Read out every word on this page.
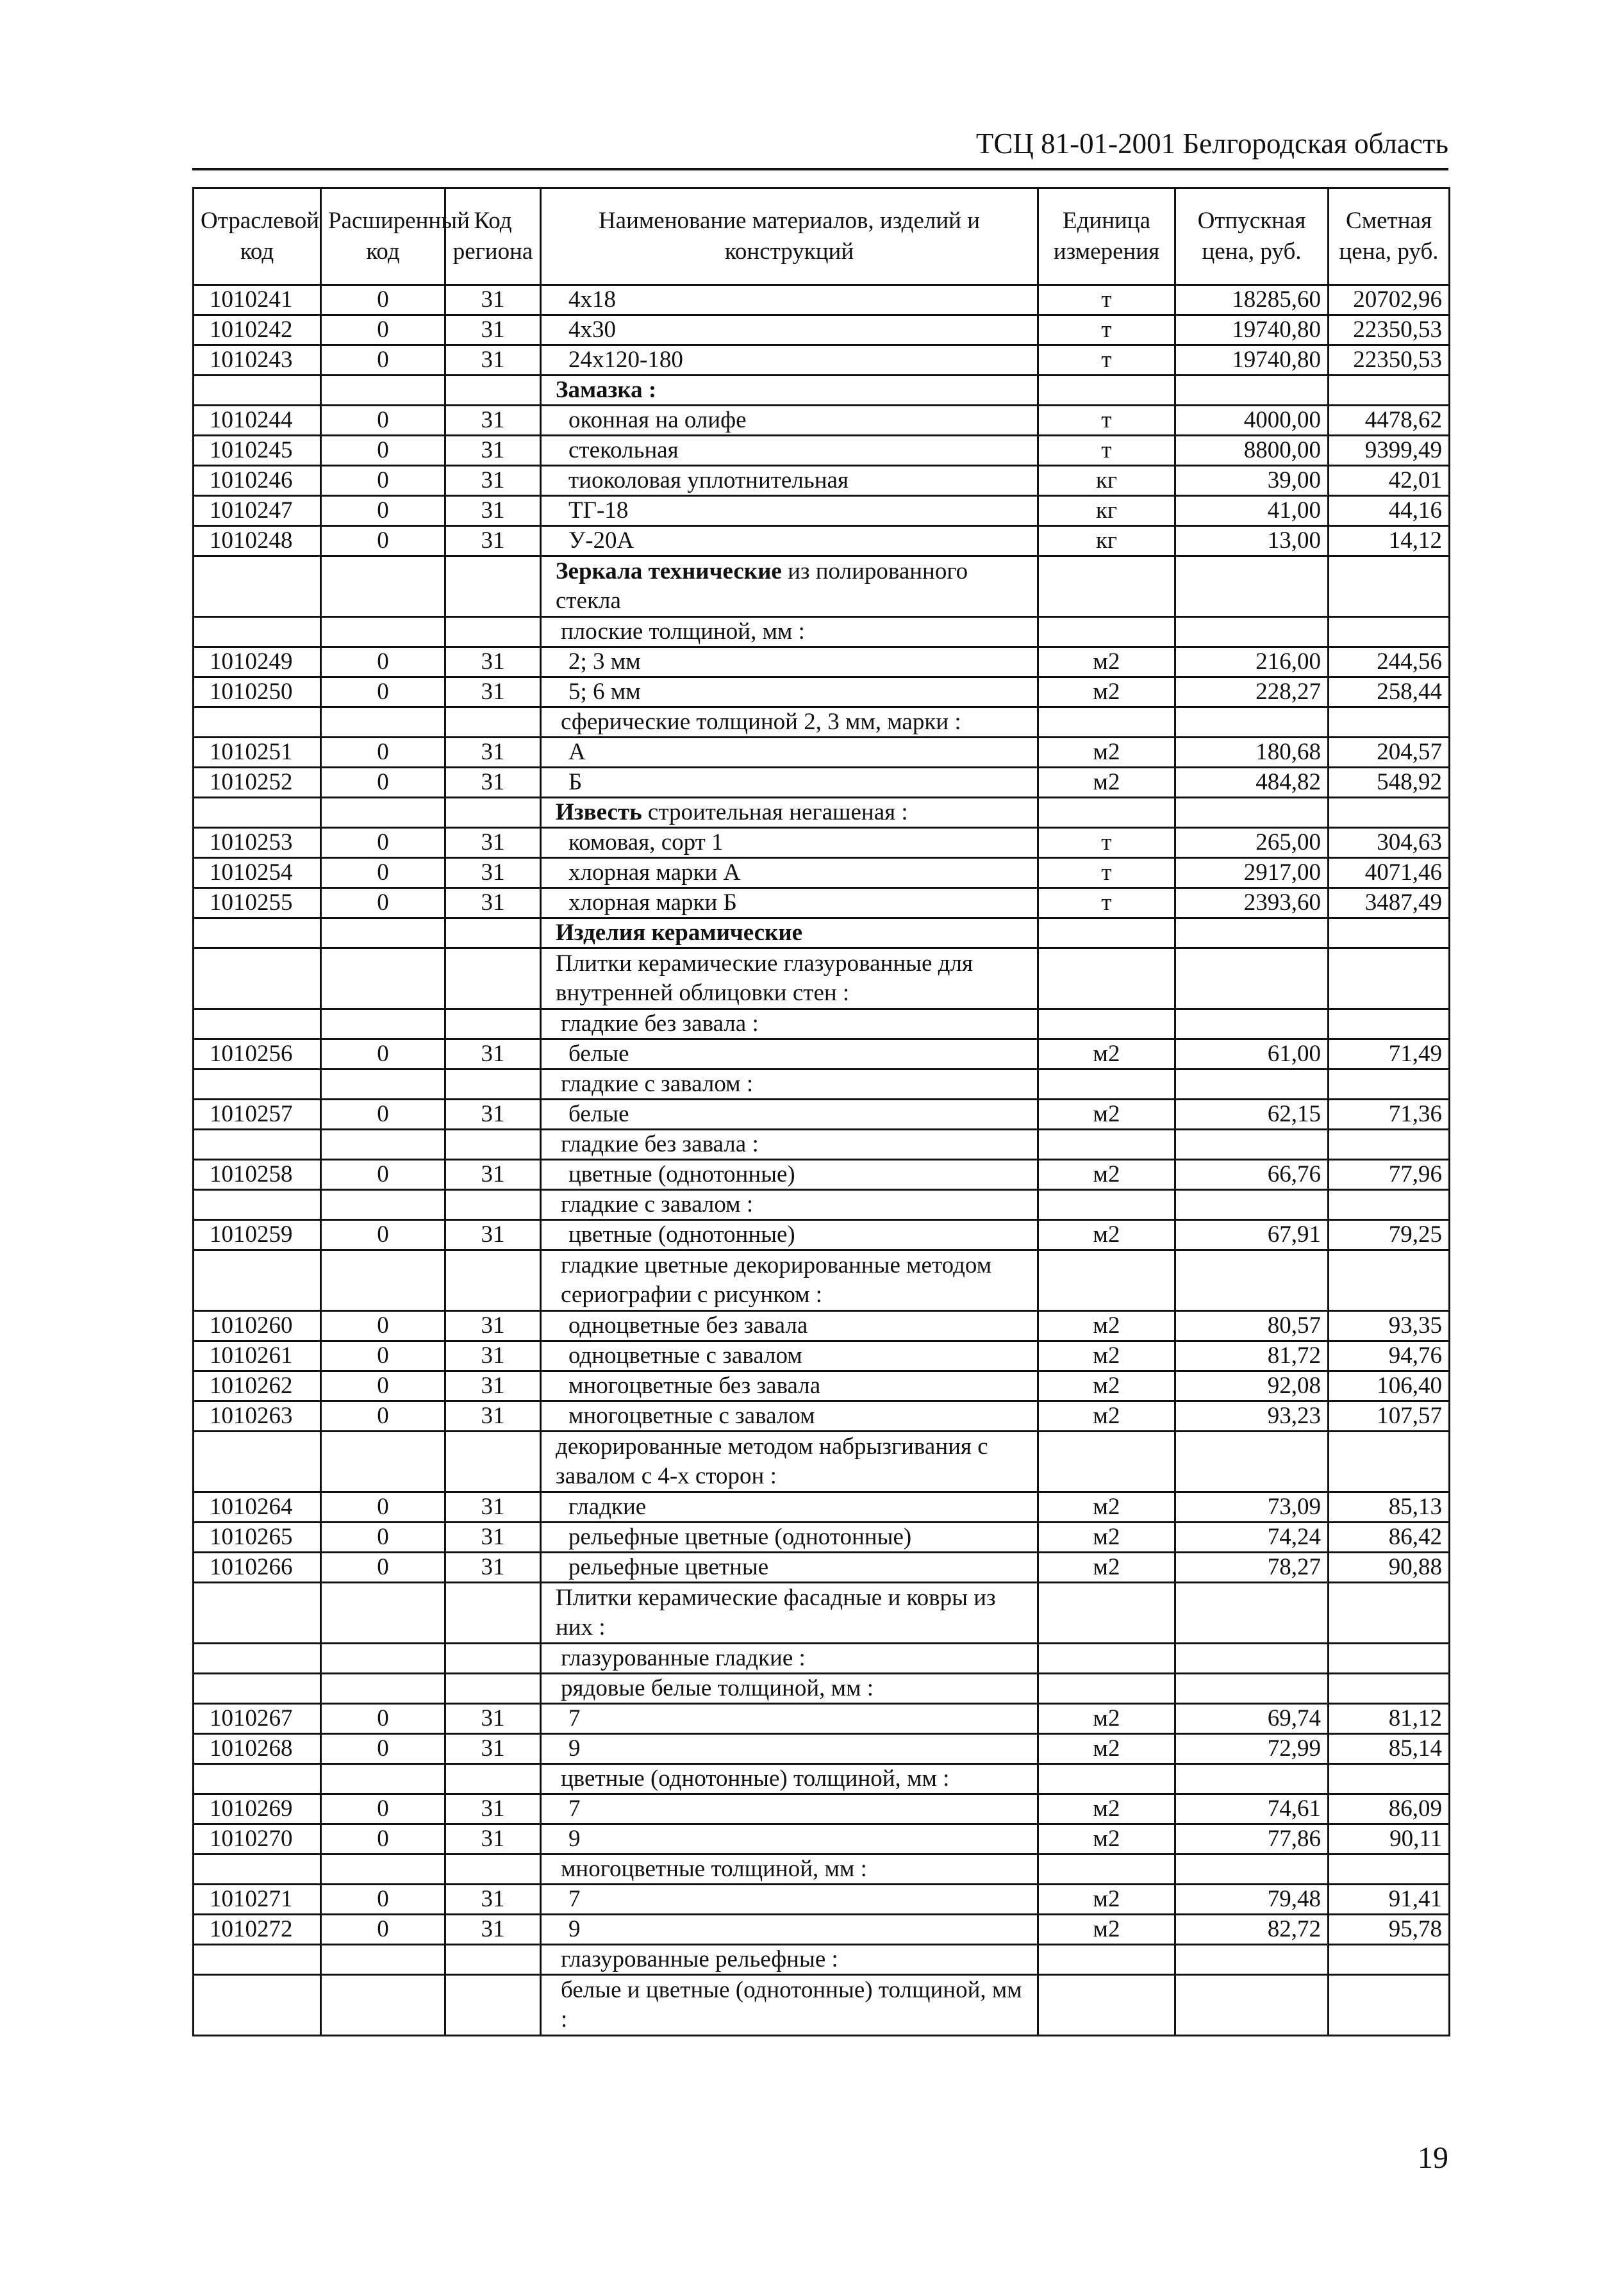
ТСЦ 81-01-2001 Белгородская область
Отраслевой код	Расширенный код	Код региона	Наименование материалов, изделий и конструкций	Единица измерения	Отпускная цена, руб.	Сметная цена, руб.
1010241	0	31	4х18	т	18285,60	20702,96
1010242	0	31	4х30	т	19740,80	22350,53
1010243	0	31	24х120-180	т	19740,80	22350,53
			Замазка :			
1010244	0	31	оконная на олифе	т	4000,00	4478,62
1010245	0	31	стекольная	т	8800,00	9399,49
1010246	0	31	тиоколовая уплотнительная	кг	39,00	42,01
1010247	0	31	ТГ-18	кг	41,00	44,16
1010248	0	31	У-20А	кг	13,00	14,12
			Зеркала технические из полированного стекла			
			плоские толщиной, мм :			
1010249	0	31	2; 3 мм	м2	216,00	244,56
1010250	0	31	5; 6 мм	м2	228,27	258,44
			сферические толщиной 2, 3 мм, марки :			
1010251	0	31	А	м2	180,68	204,57
1010252	0	31	Б	м2	484,82	548,92
			Известь строительная негашеная :			
1010253	0	31	комовая, сорт 1	т	265,00	304,63
1010254	0	31	хлорная марки А	т	2917,00	4071,46
1010255	0	31	хлорная марки Б	т	2393,60	3487,49
			Изделия керамические			
			Плитки керамические глазурованные для внутренней облицовки стен :			
			гладкие без завала :			
1010256	0	31	белые	м2	61,00	71,49
			гладкие с завалом :			
1010257	0	31	белые	м2	62,15	71,36
			гладкие без завала :			
1010258	0	31	цветные (однотонные)	м2	66,76	77,96
			гладкие с завалом :			
1010259	0	31	цветные (однотонные)	м2	67,91	79,25
			гладкие цветные декорированные методом сериографии с рисунком :			
1010260	0	31	одноцветные без завала	м2	80,57	93,35
1010261	0	31	одноцветные с завалом	м2	81,72	94,76
1010262	0	31	многоцветные без завала	м2	92,08	106,40
1010263	0	31	многоцветные с завалом	м2	93,23	107,57
			декорированные методом набрызгивания с завалом с 4-х сторон :			
1010264	0	31	гладкие	м2	73,09	85,13
1010265	0	31	рельефные цветные (однотонные)	м2	74,24	86,42
1010266	0	31	рельефные цветные	м2	78,27	90,88
			Плитки керамические фасадные и ковры из них :			
			глазурованные гладкие :			
			рядовые белые толщиной, мм :			
1010267	0	31	7	м2	69,74	81,12
1010268	0	31	9	м2	72,99	85,14
			цветные (однотонные) толщиной, мм :			
1010269	0	31	7	м2	74,61	86,09
1010270	0	31	9	м2	77,86	90,11
			многоцветные толщиной, мм :			
1010271	0	31	7	м2	79,48	91,41
1010272	0	31	9	м2	82,72	95,78
			глазурованные рельефные :			
			белые и цветные (однотонные) толщиной, мм :			
19
